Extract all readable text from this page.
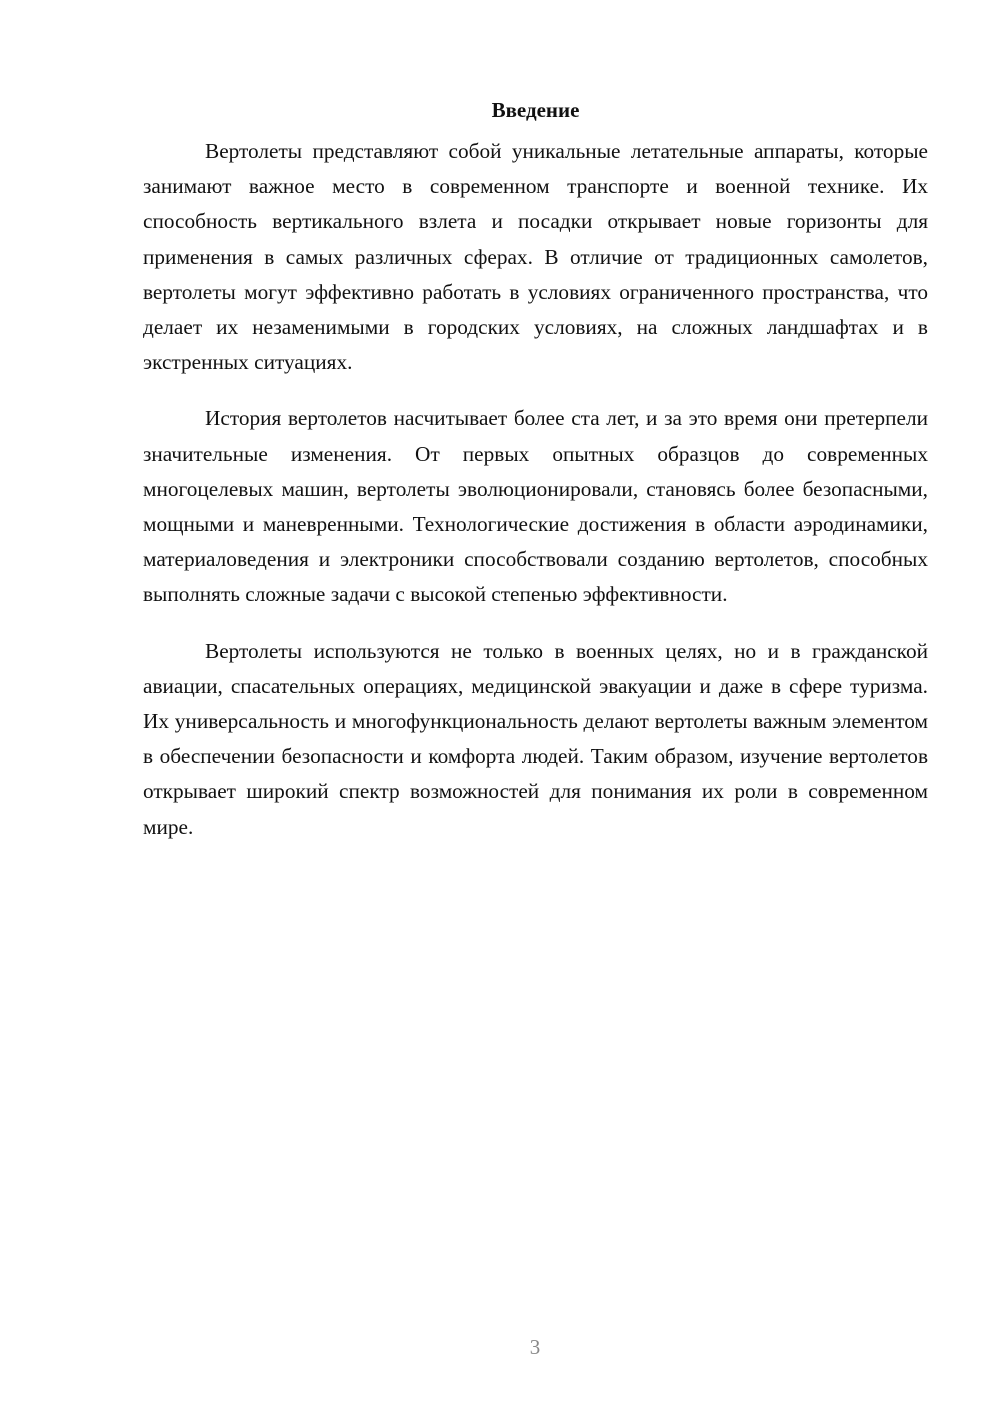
Введение

Вертолеты представляют собой уникальные летательные аппараты, которые занимают важное место в современном транспорте и военной технике. Их способность вертикального взлета и посадки открывает новые горизонты для применения в самых различных сферах. В отличие от традиционных самолетов, вертолеты могут эффективно работать в условиях ограниченного пространства, что делает их незаменимыми в городских условиях, на сложных ландшафтах и в экстренных ситуациях.

История вертолетов насчитывает более ста лет, и за это время они претерпели значительные изменения. От первых опытных образцов до современных многоцелевых машин, вертолеты эволюционировали, становясь более безопасными, мощными и маневренными. Технологические достижения в области аэродинамики, материаловедения и электроники способствовали созданию вертолетов, способных выполнять сложные задачи с высокой степенью эффективности.

Вертолеты используются не только в военных целях, но и в гражданской авиации, спасательных операциях, медицинской эвакуации и даже в сфере туризма. Их универсальность и многофункциональность делают вертолеты важным элементом в обеспечении безопасности и комфорта людей. Таким образом, изучение вертолетов открывает широкий спектр возможностей для понимания их роли в современном мире.

3
